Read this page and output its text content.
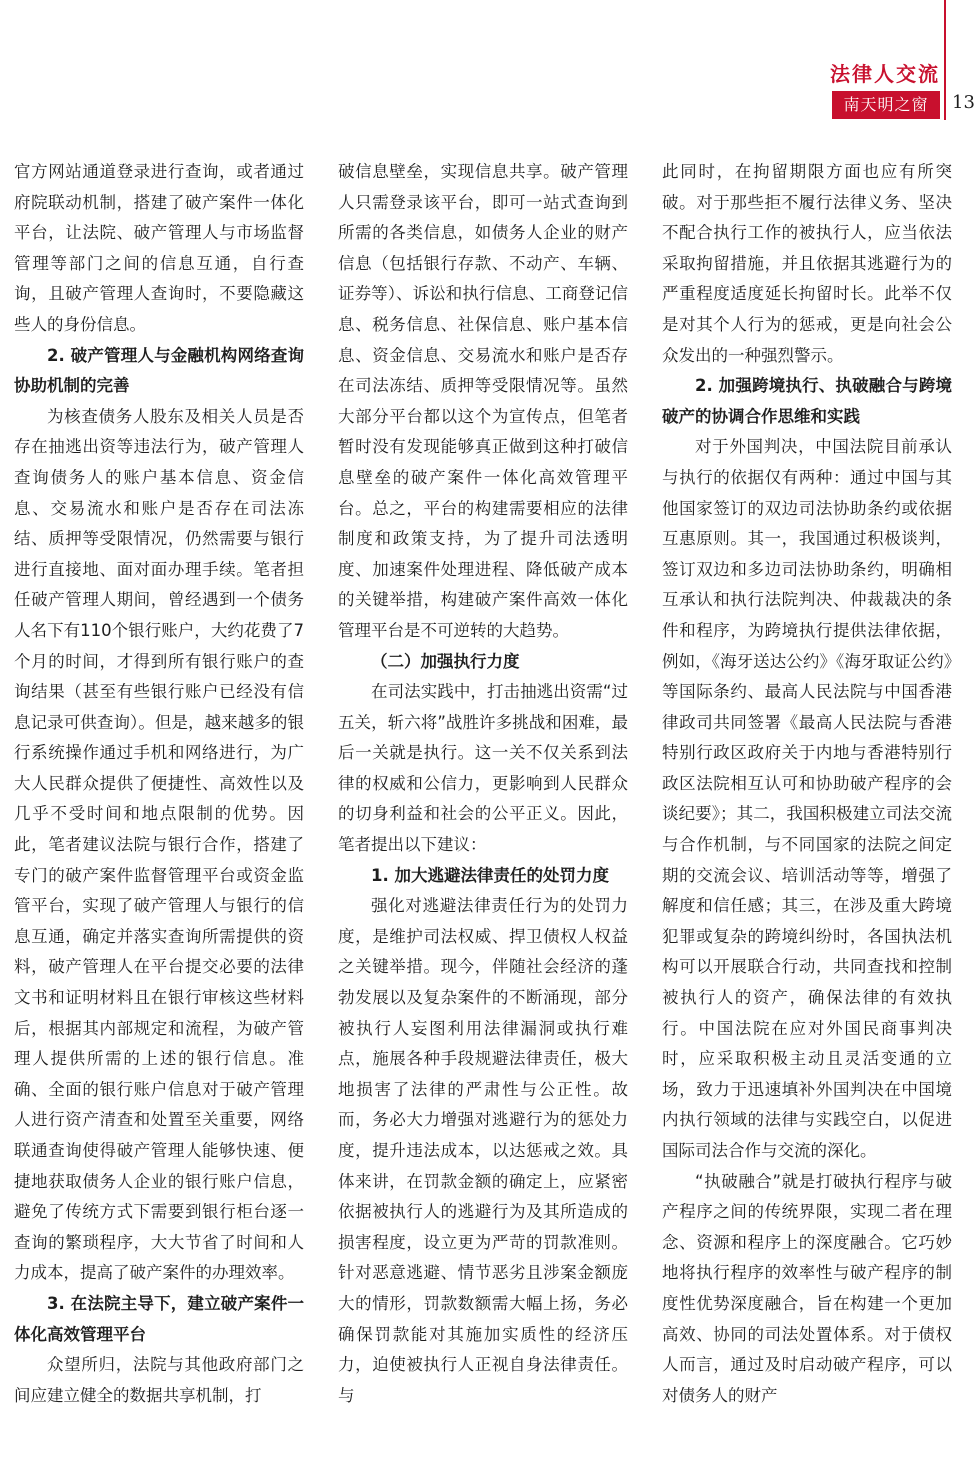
法律人交流
南天明之窗	13

官方网站通道登录进行查询，或者通过府院联动机制，搭建了破产案件一体化平台，让法院、破产管理人与市场监督管理等部门之间的信息互通，自行查询，且破产管理人查询时，不要隐藏这些人的身份信息。

2. 破产管理人与金融机构网络查询协助机制的完善

为核查债务人股东及相关人员是否存在抽逃出资等违法行为，破产管理人查询债务人的账户基本信息、资金信息、交易流水和账户是否存在司法冻结、质押等受限情况，仍然需要与银行进行直接地、面对面办理手续。笔者担任破产管理人期间，曾经遇到一个债务人名下有110个银行账户，大约花费了7个月的时间，才得到所有银行账户的查询结果（甚至有些银行账户已经没有信息记录可供查询）。但是，越来越多的银行系统操作通过手机和网络进行，为广大人民群众提供了便捷性、高效性以及几乎不受时间和地点限制的优势。因此，笔者建议法院与银行合作，搭建了专门的破产案件监督管理平台或资金监管平台，实现了破产管理人与银行的信息互通，确定并落实查询所需提供的资料，破产管理人在平台提交必要的法律文书和证明材料且在银行审核这些材料后，根据其内部规定和流程，为破产管理人提供所需的上述的银行信息。准确、全面的银行账户信息对于破产管理人进行资产清查和处置至关重要，网络联通查询使得破产管理人能够快速、便捷地获取债务人企业的银行账户信息，避免了传统方式下需要到银行柜台逐一查询的繁琐程序，大大节省了时间和人力成本，提高了破产案件的办理效率。

3. 在法院主导下，建立破产案件一体化高效管理平台

众望所归，法院与其他政府部门之间应建立健全的数据共享机制，打

破信息壁垒，实现信息共享。破产管理人只需登录该平台，即可一站式查询到所需的各类信息，如债务人企业的财产信息（包括银行存款、不动产、车辆、证券等）、诉讼和执行信息、工商登记信息、税务信息、社保信息、账户基本信息、资金信息、交易流水和账户是否存在司法冻结、质押等受限情况等。虽然大部分平台都以这个为宣传点，但笔者暂时没有发现能够真正做到这种打破信息壁垒的破产案件一体化高效管理平台。总之，平台的构建需要相应的法律制度和政策支持，为了提升司法透明度、加速案件处理进程、降低破产成本的关键举措，构建破产案件高效一体化管理平台是不可逆转的大趋势。

（二）加强执行力度

在司法实践中，打击抽逃出资需“过五关，斩六将”战胜许多挑战和困难，最后一关就是执行。这一关不仅关系到法律的权威和公信力，更影响到人民群众的切身利益和社会的公平正义。因此，笔者提出以下建议：

1. 加大逃避法律责任的处罚力度

强化对逃避法律责任行为的处罚力度，是维护司法权威、捍卫债权人权益之关键举措。现今，伴随社会经济的蓬勃发展以及复杂案件的不断涌现，部分被执行人妄图利用法律漏洞或执行难点，施展各种手段规避法律责任，极大地损害了法律的严肃性与公正性。故而，务必大力增强对逃避行为的惩处力度，提升违法成本，以达惩戒之效。具体来讲，在罚款金额的确定上，应紧密依据被执行人的逃避行为及其所造成的损害程度，设立更为严苛的罚款准则。针对恶意逃避、情节恶劣且涉案金额庞大的情形，罚款数额需大幅上扬，务必确保罚款能对其施加实质性的经济压力，迫使被执行人正视自身法律责任。与

此同时，在拘留期限方面也应有所突破。对于那些拒不履行法律义务、坚决不配合执行工作的被执行人，应当依法采取拘留措施，并且依据其逃避行为的严重程度适度延长拘留时长。此举不仅是对其个人行为的惩戒，更是向社会公众发出的一种强烈警示。

2. 加强跨境执行、执破融合与跨境破产的协调合作思维和实践

对于外国判决，中国法院目前承认与执行的依据仅有两种：通过中国与其他国家签订的双边司法协助条约或依据互惠原则。其一，我国通过积极谈判，签订双边和多边司法协助条约，明确相互承认和执行法院判决、仲裁裁决的条件和程序，为跨境执行提供法律依据，例如，《海牙送达公约》《海牙取证公约》等国际条约、最高人民法院与中国香港律政司共同签署《最高人民法院与香港特别行政区政府关于内地与香港特别行政区法院相互认可和协助破产程序的会谈纪要》；其二，我国积极建立司法交流与合作机制，与不同国家的法院之间定期的交流会议、培训活动等等，增强了解度和信任感；其三，在涉及重大跨境犯罪或复杂的跨境纠纷时，各国执法机构可以开展联合行动，共同查找和控制被执行人的资产，确保法律的有效执行。中国法院在应对外国民商事判决时，应采取积极主动且灵活变通的立场，致力于迅速填补外国判决在中国境内执行领域的法律与实践空白，以促进国际司法合作与交流的深化。

“执破融合”就是打破执行程序与破产程序之间的传统界限，实现二者在理念、资源和程序上的深度融合。它巧妙地将执行程序的效率性与破产程序的制度性优势深度融合，旨在构建一个更加高效、协同的司法处置体系。对于债权人而言，通过及时启动破产程序，可以对债务人的财产
